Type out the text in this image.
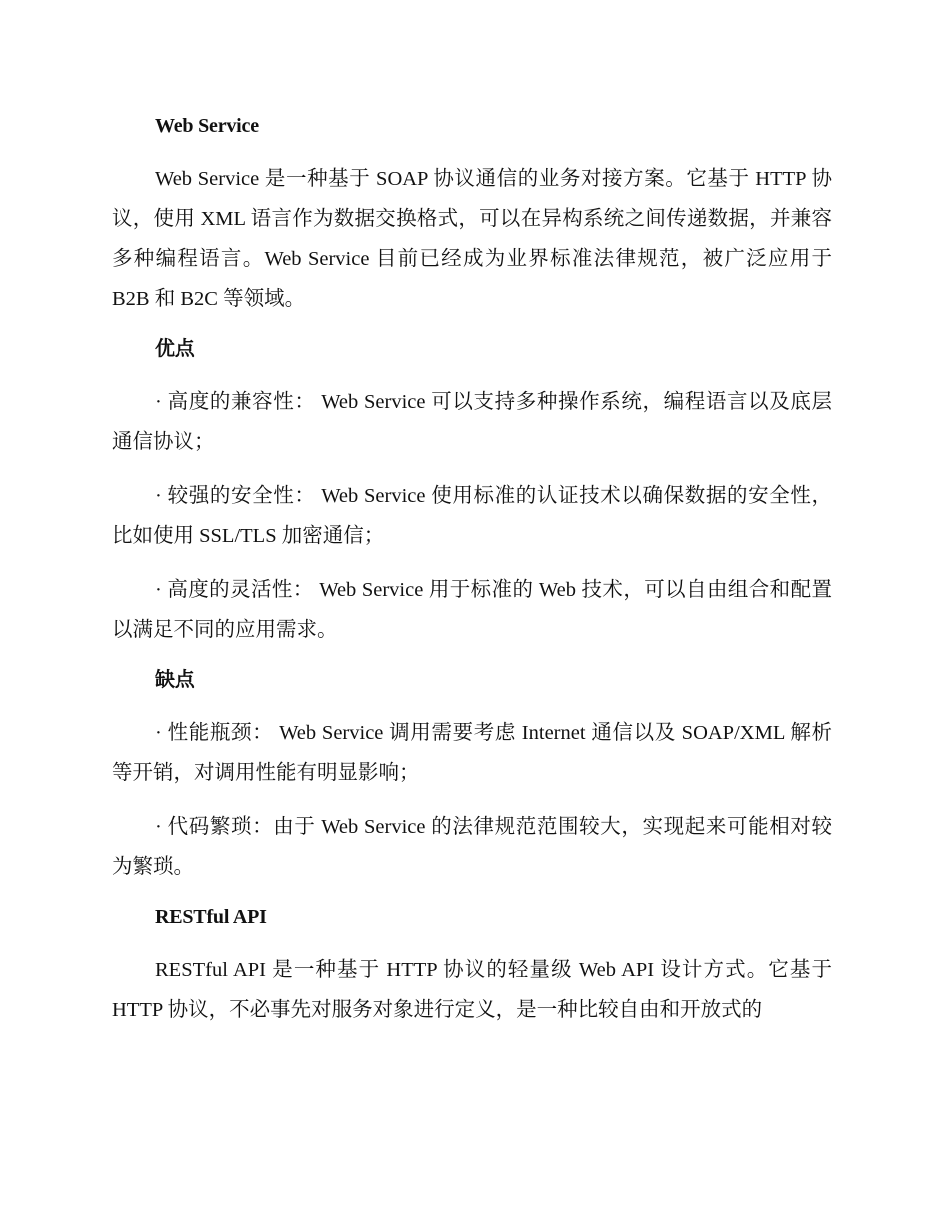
Web Service

Web Service 是一种基于 SOAP 协议通信的业务对接方案。它基于 HTTP 协议，使用 XML 语言作为数据交换格式，可以在异构系统之间传递数据，并兼容多种编程语言。Web Service 目前已经成为业界标准法律规范，被广泛应用于 B2B 和 B2C 等领域。

优点

· 高度的兼容性： Web Service 可以支持多种操作系统，编程语言以及底层通信协议；

· 较强的安全性： Web Service 使用标准的认证技术以确保数据的安全性，比如使用 SSL/TLS 加密通信；

· 高度的灵活性： Web Service 用于标准的 Web 技术，可以自由组合和配置以满足不同的应用需求。

缺点

· 性能瓶颈： Web Service 调用需要考虑 Internet 通信以及 SOAP/XML 解析等开销，对调用性能有明显影响；

· 代码繁琐：由于 Web Service 的法律规范范围较大，实现起来可能相对较为繁琐。

RESTful API

RESTful API 是一种基于 HTTP 协议的轻量级 Web API 设计方式。它基于 HTTP 协议，不必事先对服务对象进行定义，是一种比较自由和开放式的
